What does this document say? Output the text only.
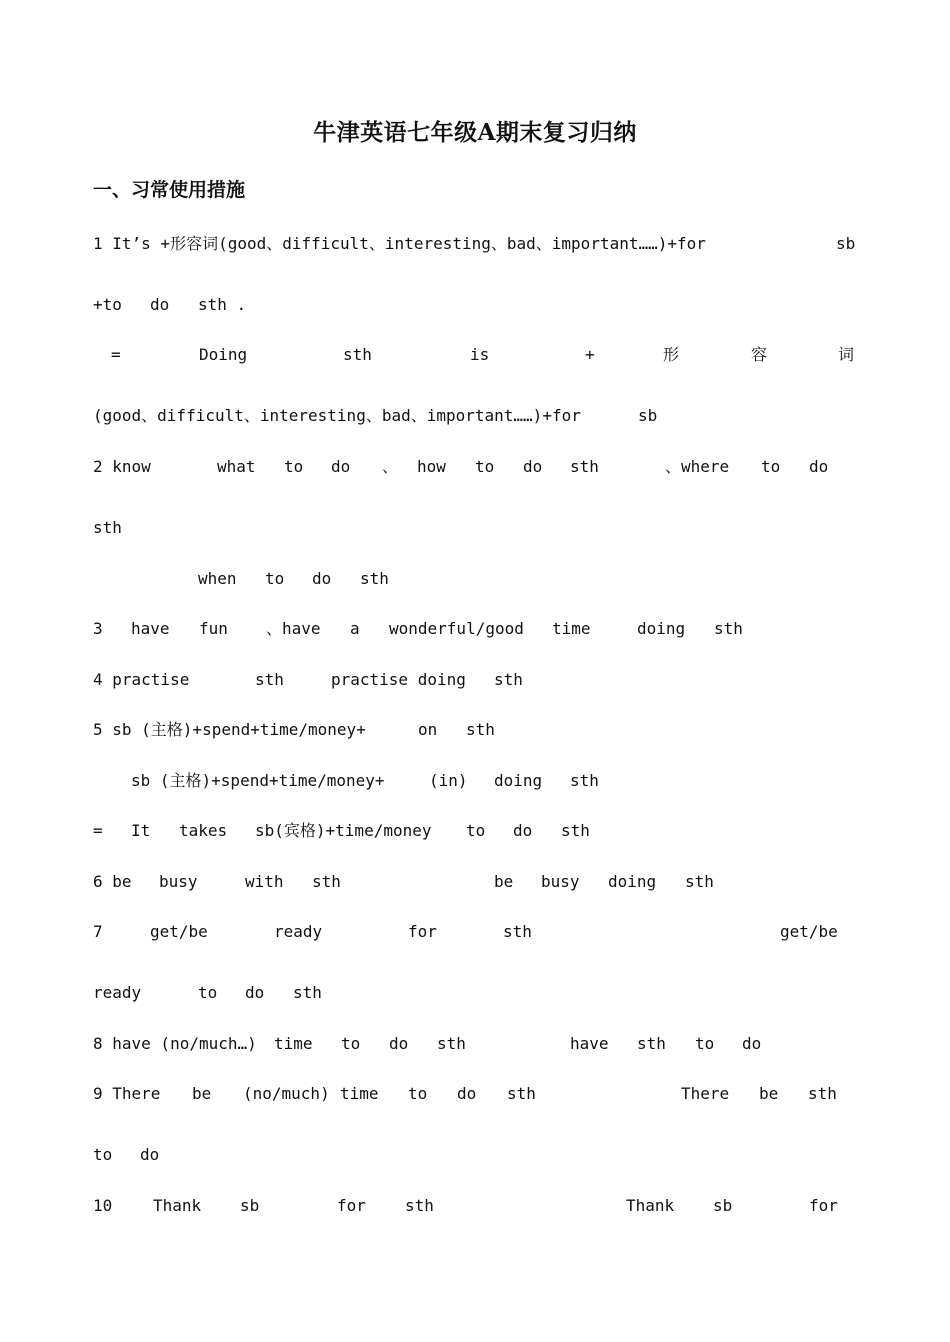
牛津英语七年级A期末复习归纳
一、习常使用措施
1 It’s +形容词(good、difficult、interesting、bad、important……)+for	sb
+to do sth .
=	Doing	sth	is	+	形	容	词
(good、difficult、interesting、bad、important……)+for	sb
2 know	what to do 、 how to do sth	、where to do
sth
when to do sth
3 have fun 、have a wonderful/good time	doing sth
4 practise	sth	practise doing sth
5 sb (主格)+spend+time/money+	on sth
sb (主格)+spend+time/money+	(in) doing sth
= It takes sb(宾格)+time/money to do sth
6 be busy	with sth	be busy doing sth
7	get/be	ready	for	sth	get/be
ready	to do sth
8 have (no/much…) time to do sth	have sth to do
9 There be (no/much) time to do sth	There be sth
to do
10	Thank sb	for sth	Thank sb	for
